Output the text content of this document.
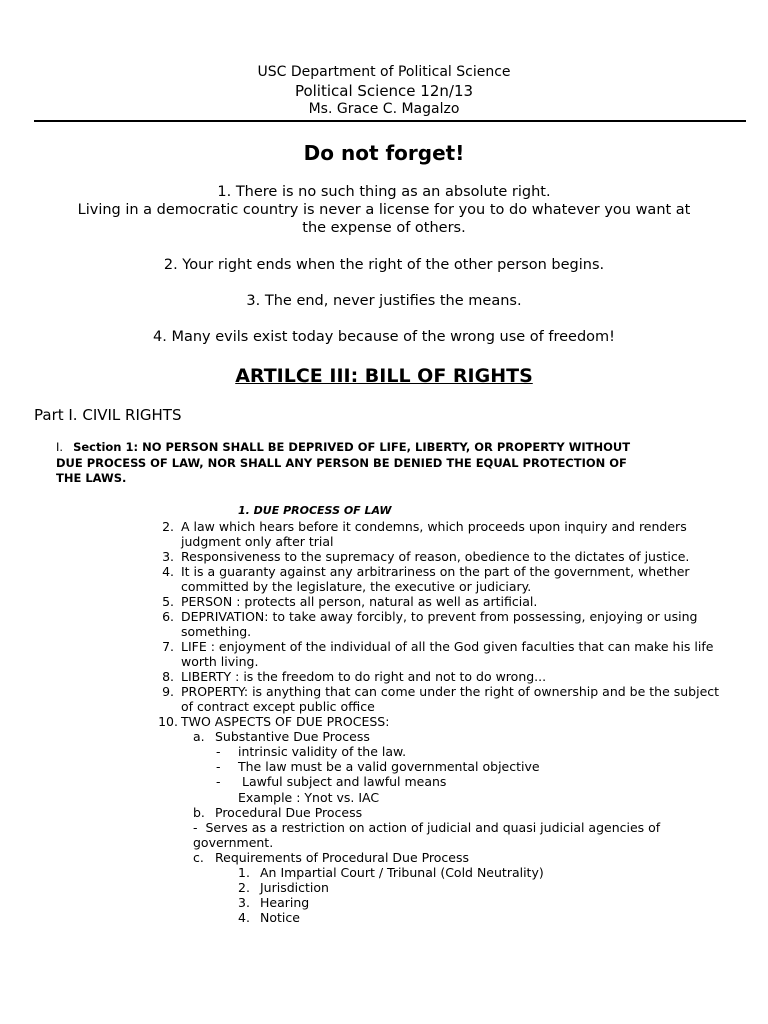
USC Department of Political Science
Political Science 12n/13
Ms. Grace C. Magalzo
Do not forget!
1. There is no such thing as an absolute right.
Living in a democratic country is never a license for you to do whatever you want at
the expense of others.
2. Your right ends when the right of the other person begins.
3. The end, never justifies the means.
4. Many evils exist today because of the wrong use of freedom!
ARTILCE III: BILL OF RIGHTS
Part I. CIVIL RIGHTS
I. Section 1: NO PERSON SHALL BE DEPRIVED OF LIFE, LIBERTY, OR PROPERTY WITHOUT
DUE PROCESS OF LAW, NOR SHALL ANY PERSON BE DENIED THE EQUAL PROTECTION OF
THE LAWS.
1. DUE PROCESS OF LAW
2. A law which hears before it condemns, which proceeds upon inquiry and renders
judgment only after trial
3. Responsiveness to the supremacy of reason, obedience to the dictates of justice.
4. It is a guaranty against any arbitrariness on the part of the government, whether
committed by the legislature, the executive or judiciary.
5. PERSON : protects all person, natural as well as artificial.
6. DEPRIVATION: to take away forcibly, to prevent from possessing, enjoying or using
something.
7. LIFE : enjoyment of the individual of all the God given faculties that can make his life
worth living.
8. LIBERTY : is the freedom to do right and not to do wrong...
9. PROPERTY: is anything that can come under the right of ownership and be the subject
of contract except public office
10. TWO ASPECTS OF DUE PROCESS:
a. Substantive Due Process
- intrinsic validity of the law.
- The law must be a valid governmental objective
- Lawful subject and lawful means
Example : Ynot vs. IAC
b. Procedural Due Process
-  Serves as a restriction on action of judicial and quasi judicial agencies of
government.
c. Requirements of Procedural Due Process
1. An Impartial Court / Tribunal (Cold Neutrality)
2. Jurisdiction
3. Hearing
4. Notice
